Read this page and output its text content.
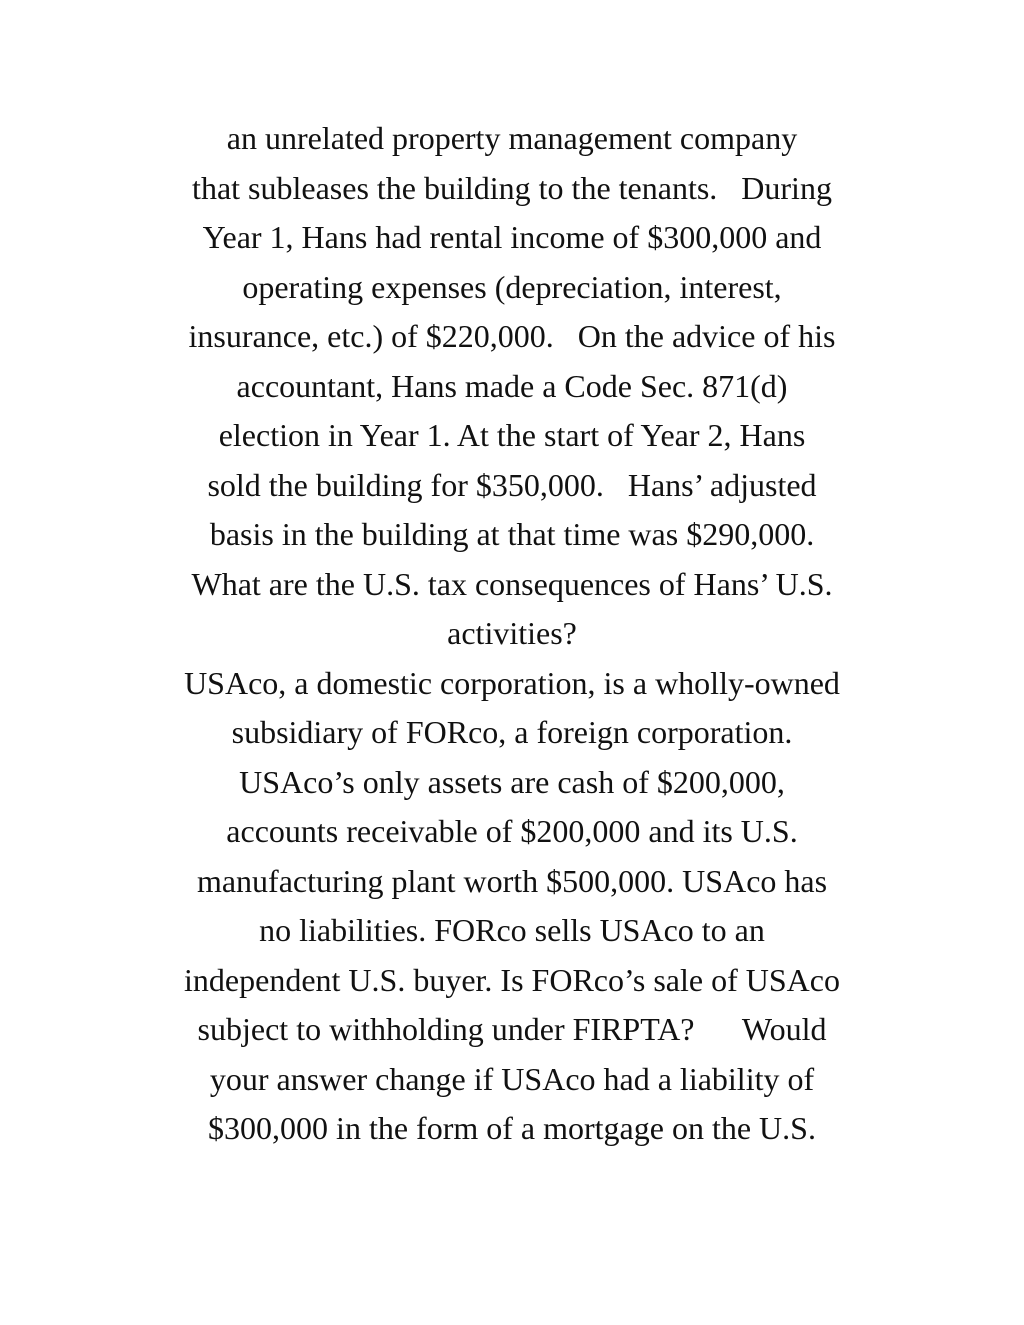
an unrelated property management company
that subleases the building to the tenants.   During
Year 1, Hans had rental income of $300,000 and
operating expenses (depreciation, interest,
insurance, etc.) of $220,000.   On the advice of his
accountant, Hans made a Code Sec. 871(d)
election in Year 1. At the start of Year 2, Hans
sold the building for $350,000.   Hans’ adjusted
basis in the building at that time was $290,000.
What are the U.S. tax consequences of Hans’ U.S.
activities?
USAco, a domestic corporation, is a wholly-owned
subsidiary of FORco, a foreign corporation.
USAco’s only assets are cash of $200,000,
accounts receivable of $200,000 and its U.S.
manufacturing plant worth $500,000. USAco has
no liabilities. FORco sells USAco to an
independent U.S. buyer. Is FORco’s sale of USAco
subject to withholding under FIRPTA?      Would
your answer change if USAco had a liability of
$300,000 in the form of a mortgage on the U.S.
